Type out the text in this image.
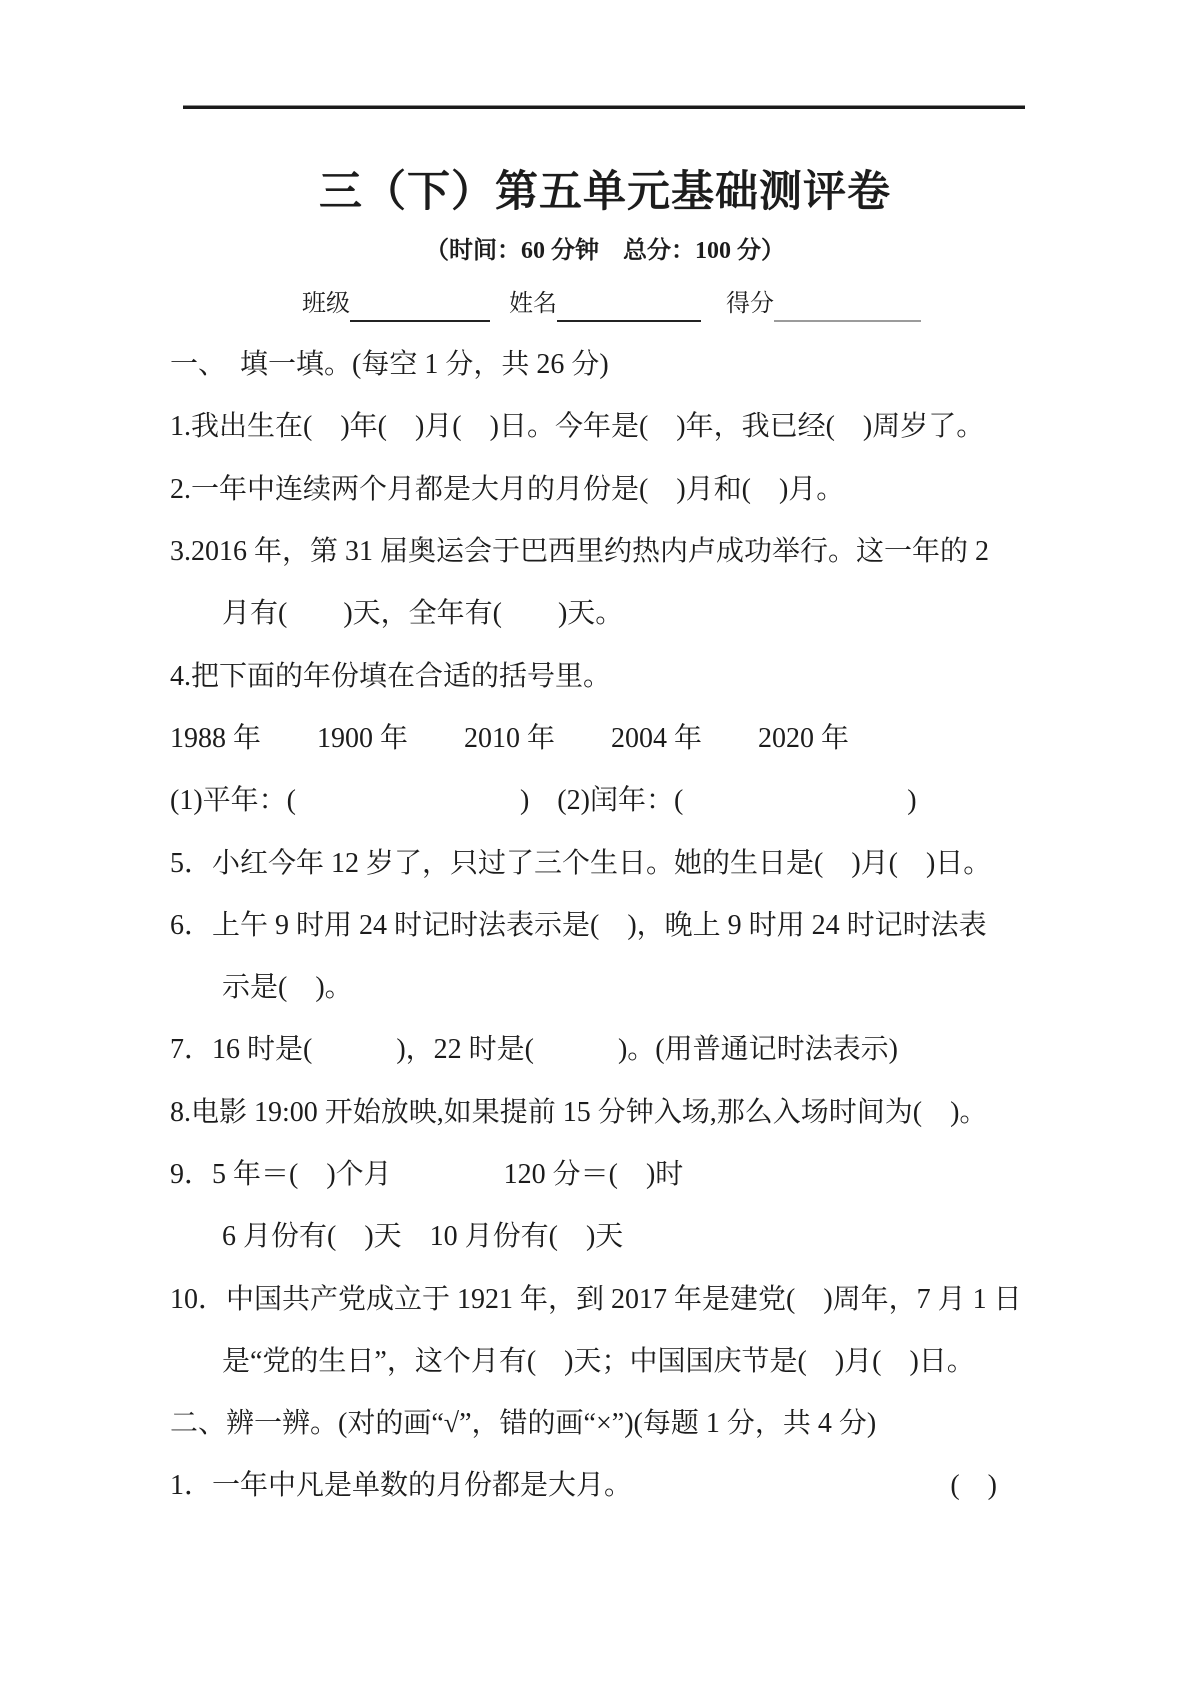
三（下）第五单元基础测评卷
（时间：60 分钟　总分：100 分）
班级	姓名	得分
一、　填一填。(每空 1 分，共 26 分)
1.我出生在(　)年(　)月(　)日。今年是(　)年，我已经(　)周岁了。
2.一年中连续两个月都是大月的月份是(　)月和(　)月。
3.2016 年，第 31 届奥运会于巴西里约热内卢成功举行。这一年的 2
月有(　　)天，全年有(　　)天。
4.把下面的年份填在合适的括号里。
1988 年　　1900 年　　2010 年　　2004 年　　2020 年
(1)平年：(　　　　　　　　)　(2)闰年：(　　　　　　　　)
5．小红今年 12 岁了，只过了三个生日。她的生日是(　)月(　)日。
6．上午 9 时用 24 时记时法表示是(　)，晚上 9 时用 24 时记时法表
示是(　)。
7．16 时是(　　　)，22 时是(　　　)。(用普通记时法表示)
8.电影 19:00 开始放映,如果提前 15 分钟入场,那么入场时间为(　)。
9．5 年＝(　)个月　　　　120 分＝(　)时
6 月份有(　)天　10 月份有(　)天
10．中国共产党成立于 1921 年，到 2017 年是建党(　)周年，7 月 1 日
是“党的生日”，这个月有(　)天；中国国庆节是(　)月(　)日。
二、辨一辨。(对的画“√”，错的画“×”)(每题 1 分，共 4 分)
1．一年中凡是单数的月份都是大月。	(　)
